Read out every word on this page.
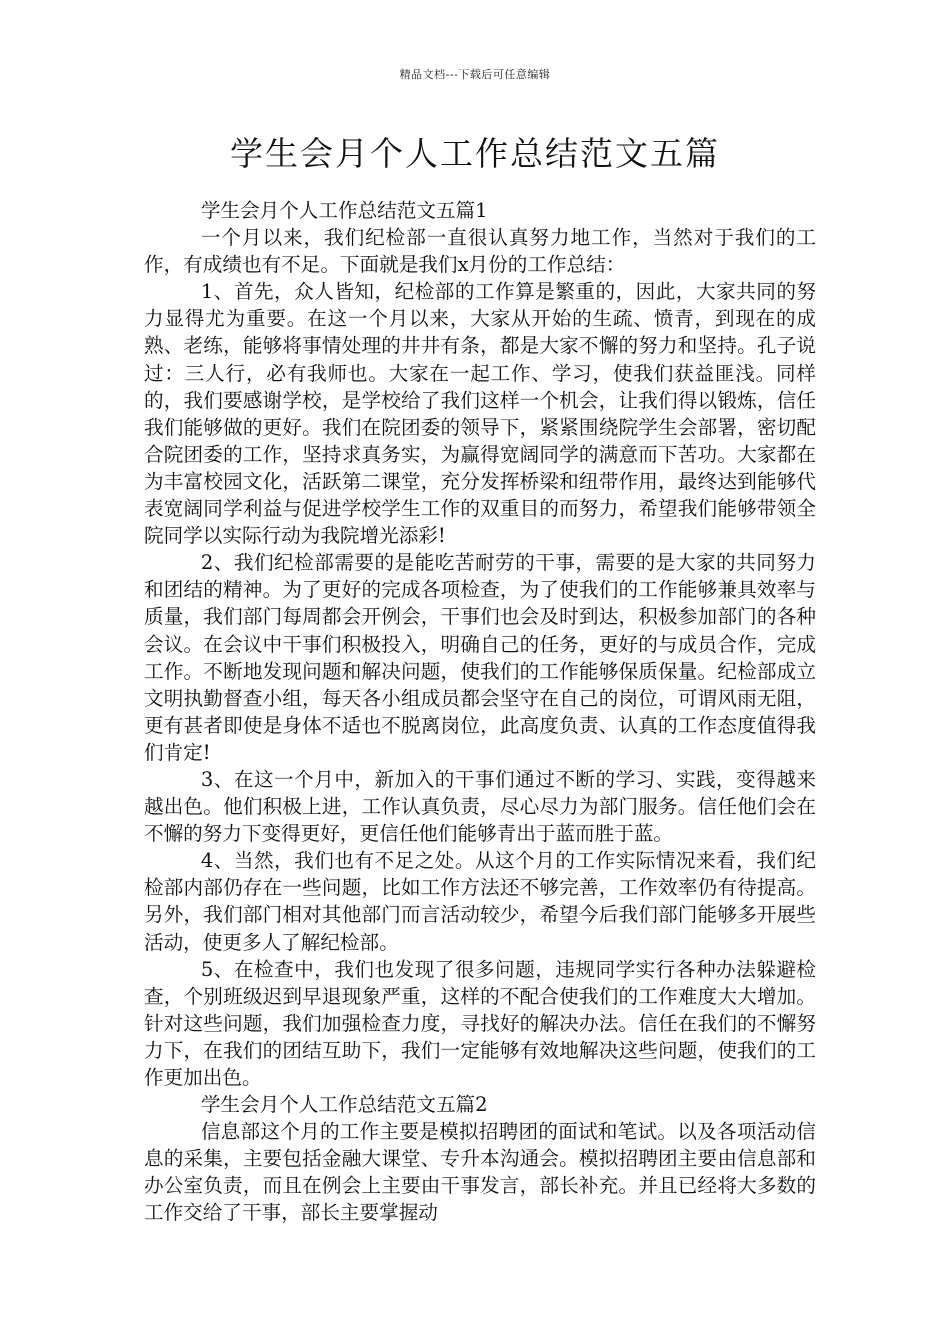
精品文档---下载后可任意编辑
学生会月个人工作总结范文五篇

学生会月个人工作总结范文五篇1

一个月以来，我们纪检部一直很认真努力地工作，当然对于我们的工作，有成绩也有不足。下面就是我们x月份的工作总结：

1、首先，众人皆知，纪检部的工作算是繁重的，因此，大家共同的努力显得尤为重要。在这一个月以来，大家从开始的生疏、愤青，到现在的成熟、老练，能够将事情处理的井井有条，都是大家不懈的努力和坚持。孔子说过：三人行，必有我师也。大家在一起工作、学习，使我们获益匪浅。同样的，我们要感谢学校，是学校给了我们这样一个机会，让我们得以锻炼，信任我们能够做的更好。我们在院团委的领导下，紧紧围绕院学生会部署，密切配合院团委的工作，坚持求真务实，为赢得宽阔同学的满意而下苦功。大家都在为丰富校园文化，活跃第二课堂，充分发挥桥梁和纽带作用，最终达到能够代表宽阔同学利益与促进学校学生工作的双重目的而努力，希望我们能够带领全院同学以实际行动为我院增光添彩!

2、我们纪检部需要的是能吃苦耐劳的干事，需要的是大家的共同努力和团结的精神。为了更好的完成各项检查，为了使我们的工作能够兼具效率与质量，我们部门每周都会开例会，干事们也会及时到达，积极参加部门的各种会议。在会议中干事们积极投入，明确自己的任务，更好的与成员合作，完成工作。不断地发现问题和解决问题，使我们的工作能够保质保量。纪检部成立文明执勤督查小组，每天各小组成员都会坚守在自己的岗位，可谓风雨无阻，更有甚者即使是身体不适也不脱离岗位，此高度负责、认真的工作态度值得我们肯定!

3、在这一个月中，新加入的干事们通过不断的学习、实践，变得越来越出色。他们积极上进，工作认真负责，尽心尽力为部门服务。信任他们会在不懈的努力下变得更好，更信任他们能够青出于蓝而胜于蓝。

4、当然，我们也有不足之处。从这个月的工作实际情况来看，我们纪检部内部仍存在一些问题，比如工作方法还不够完善，工作效率仍有待提高。另外，我们部门相对其他部门而言活动较少，希望今后我们部门能够多开展些活动，使更多人了解纪检部。

5、在检查中，我们也发现了很多问题，违规同学实行各种办法躲避检查，个别班级迟到早退现象严重，这样的不配合使我们的工作难度大大增加。针对这些问题，我们加强检查力度，寻找好的解决办法。信任在我们的不懈努力下，在我们的团结互助下，我们一定能够有效地解决这些问题，使我们的工作更加出色。

学生会月个人工作总结范文五篇2

信息部这个月的工作主要是模拟招聘团的面试和笔试。以及各项活动信息的采集，主要包括金融大课堂、专升本沟通会。模拟招聘团主要由信息部和办公室负责，而且在例会上主要由干事发言，部长补充。并且已经将大多数的工作交给了干事，部长主要掌握动
